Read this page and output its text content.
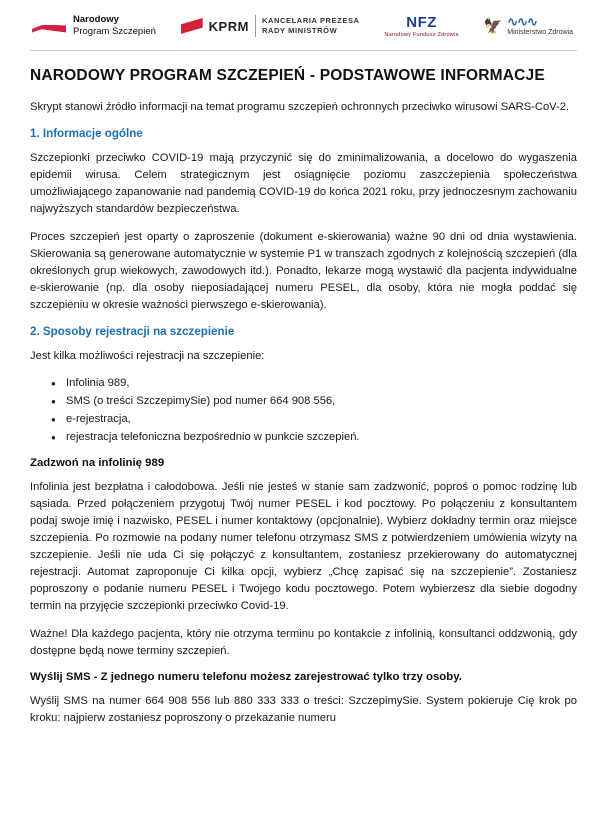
Narodowy
Program Szczepień	KPRM KANCELARIA PREZESA
RADY MINISTRÓW	NFZ
Narodowy Fundusz Zdrowia
🦅 ∿∿∿
Ministerstwo Zdrowia
NARODOWY PROGRAM SZCZEPIEŃ - PODSTAWOWE INFORMACJE

Skrypt stanowi źródło informacji na temat programu szczepień ochronnych przeciwko wirusowi SARS-CoV-2.

1. Informacje ogólne

Szczepionki przeciwko COVID-19 mają przyczynić się do zminimalizowania, a docelowo do wygaszenia epidemii wirusa. Celem strategicznym jest osiągnięcie poziomu zaszczepienia społeczeństwa umożliwiającego zapanowanie nad pandemią COVID-19 do końca 2021 roku, przy jednoczesnym zachowaniu najwyższych standardów bezpieczeństwa.

Proces szczepień jest oparty o zaproszenie (dokument e-skierowania) ważne 90 dni od dnia wystawienia. Skierowania są generowane automatycznie w systemie P1 w transzach zgodnych z kolejnością szczepień (dla określonych grup wiekowych, zawodowych itd.). Ponadto, lekarze mogą wystawić dla pacjenta indywidualne e-skierowanie (np. dla osoby nieposiadającej numeru PESEL, dla osoby, która nie mogła poddać się szczepieniu w okresie ważności pierwszego e-skierowania).

2. Sposoby rejestracji na szczepienie

Jest kilka możliwości rejestracji na szczepienie:

● Infolinia 989,
● SMS (o treści SzczepimySie) pod numer 664 908 556,
● e-rejestracja,
● rejestracja telefoniczna bezpośrednio w punkcie szczepień.
Zadzwoń na infolinię 989

Infolinia jest bezpłatna i całodobowa. Jeśli nie jesteś w stanie sam zadzwonić, poproś o pomoc rodzinę lub sąsiada. Przed połączeniem przygotuj Twój numer PESEL i kod pocztowy. Po połączeniu z konsultantem podaj swoje imię i nazwisko, PESEL i numer kontaktowy (opcjonalnie). Wybierz dokładny termin oraz miejsce szczepienia. Po rozmowie na podany numer telefonu otrzymasz SMS z potwierdzeniem umówienia wizyty na szczepienie. Jeśli nie uda Ci się połączyć z konsultantem, zostaniesz przekierowany do automatycznej rejestracji. Automat zaproponuje Ci kilka opcji, wybierz „Chcę zapisać się na szczepienie”. Zostaniesz poproszony o podanie numeru PESEL i Twojego kodu pocztowego. Potem wybierzesz dla siebie dogodny termin na przyjęcie szczepionki przeciwko Covid-19.

Ważne! Dla każdego pacjenta, który nie otrzyma terminu po kontakcie z infolinią, konsultanci oddzwonią, gdy dostępne będą nowe terminy szczepień.

Wyślij SMS - Z jednego numeru telefonu możesz zarejestrować tylko trzy osoby.

Wyślij SMS na numer 664 908 556 lub 880 333 333 o treści: SzczepimySie. System pokieruje Cię krok po kroku: najpierw zostaniesz poproszony o przekazanie numeru
